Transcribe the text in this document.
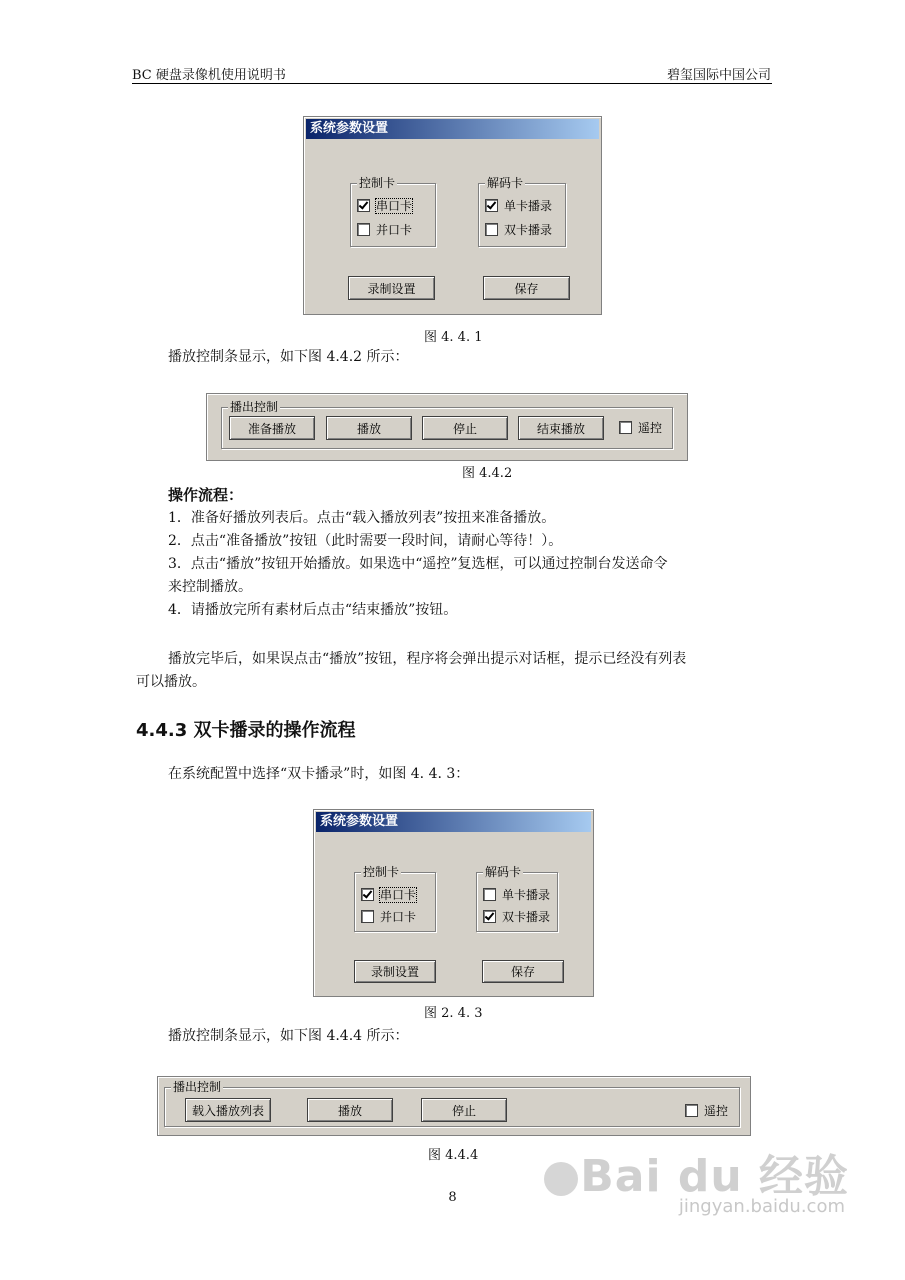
BC 硬盘录像机使用说明书	碧玺国际中国公司
系统参数设置
控制卡
串口卡
并口卡
解码卡
单卡播录
双卡播录
录制设置	保存
图 4. 4. 1
播放控制条显示，如下图 4.4.2 所示：
播出控制
准备播放	播放	停止	结束播放	遥控
图 4.4.2
操作流程：
1．准备好播放列表后。点击“载入播放列表”按扭来准备播放。
2．点击“准备播放”按钮（此时需要一段时间，请耐心等待！）。
3．点击“播放”按钮开始播放。如果选中“遥控”复选框，可以通过控制台发送命令
来控制播放。
4．请播放完所有素材后点击“结束播放”按钮。
播放完毕后，如果误点击“播放”按钮，程序将会弹出提示对话框，提示已经没有列表
可以播放。
4.4.3 双卡播录的操作流程
在系统配置中选择“双卡播录”时，如图 4. 4. 3：
系统参数设置
控制卡
串口卡
并口卡
解码卡
单卡播录
双卡播录
录制设置	保存
图 2. 4. 3
播放控制条显示，如下图 4.4.4 所示：
播出控制
载入播放列表	播放	停止	遥控
图 4.4.4
8	Bai du 经验
jingyan.baidu.com
